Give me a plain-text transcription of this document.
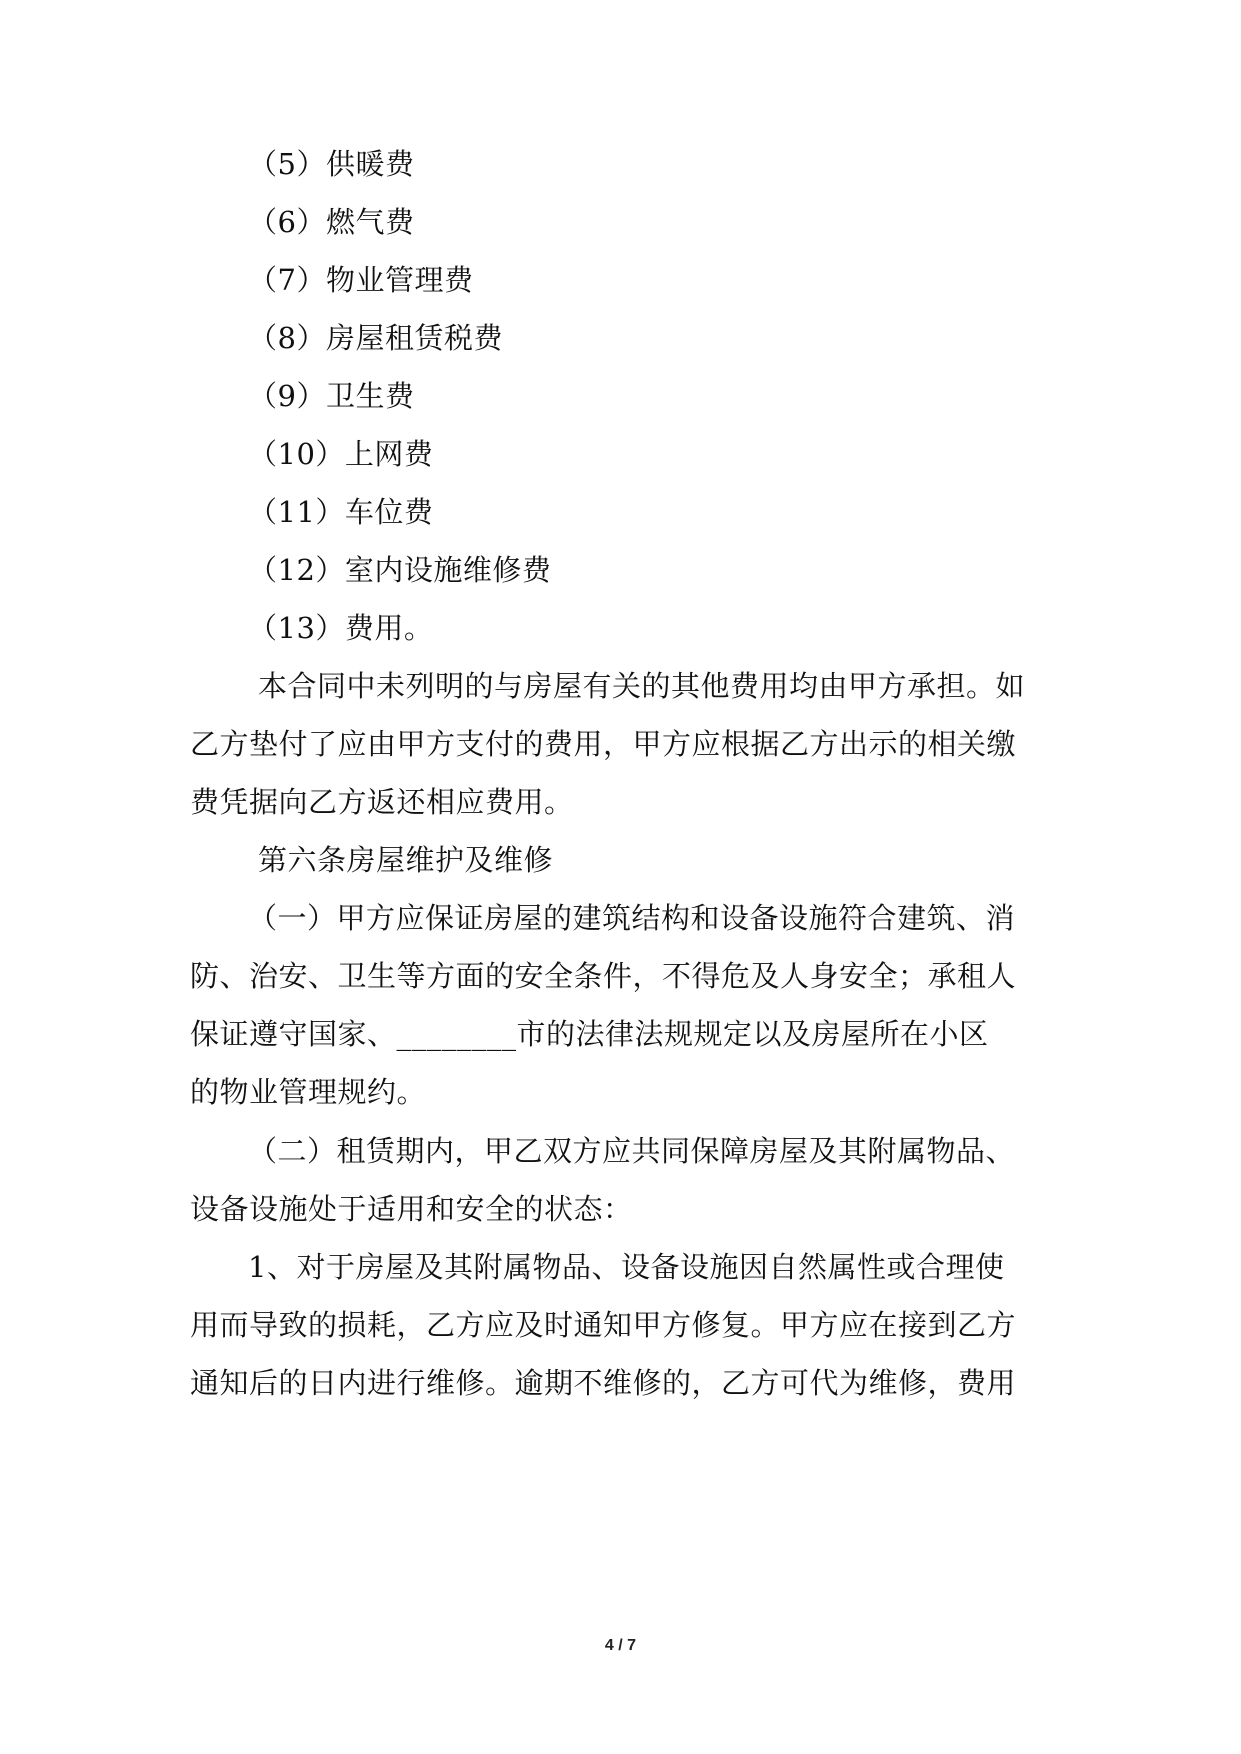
（5）供暖费
（6）燃气费
（7）物业管理费
（8）房屋租赁税费
（9）卫生费
（10）上网费
（11）车位费
（12）室内设施维修费
（13）费用。
本合同中未列明的与房屋有关的其他费用均由甲方承担。如
乙方垫付了应由甲方支付的费用，甲方应根据乙方出示的相关缴
费凭据向乙方返还相应费用。
第六条房屋维护及维修
（一）甲方应保证房屋的建筑结构和设备设施符合建筑、消
防、治安、卫生等方面的安全条件，不得危及人身安全；承租人
保证遵守国家、________市的法律法规规定以及房屋所在小区
的物业管理规约。
（二）租赁期内，甲乙双方应共同保障房屋及其附属物品、
设备设施处于适用和安全的状态：
1、对于房屋及其附属物品、设备设施因自然属性或合理使
用而导致的损耗，乙方应及时通知甲方修复。甲方应在接到乙方
通知后的日内进行维修。逾期不维修的，乙方可代为维修，费用
4 / 7
